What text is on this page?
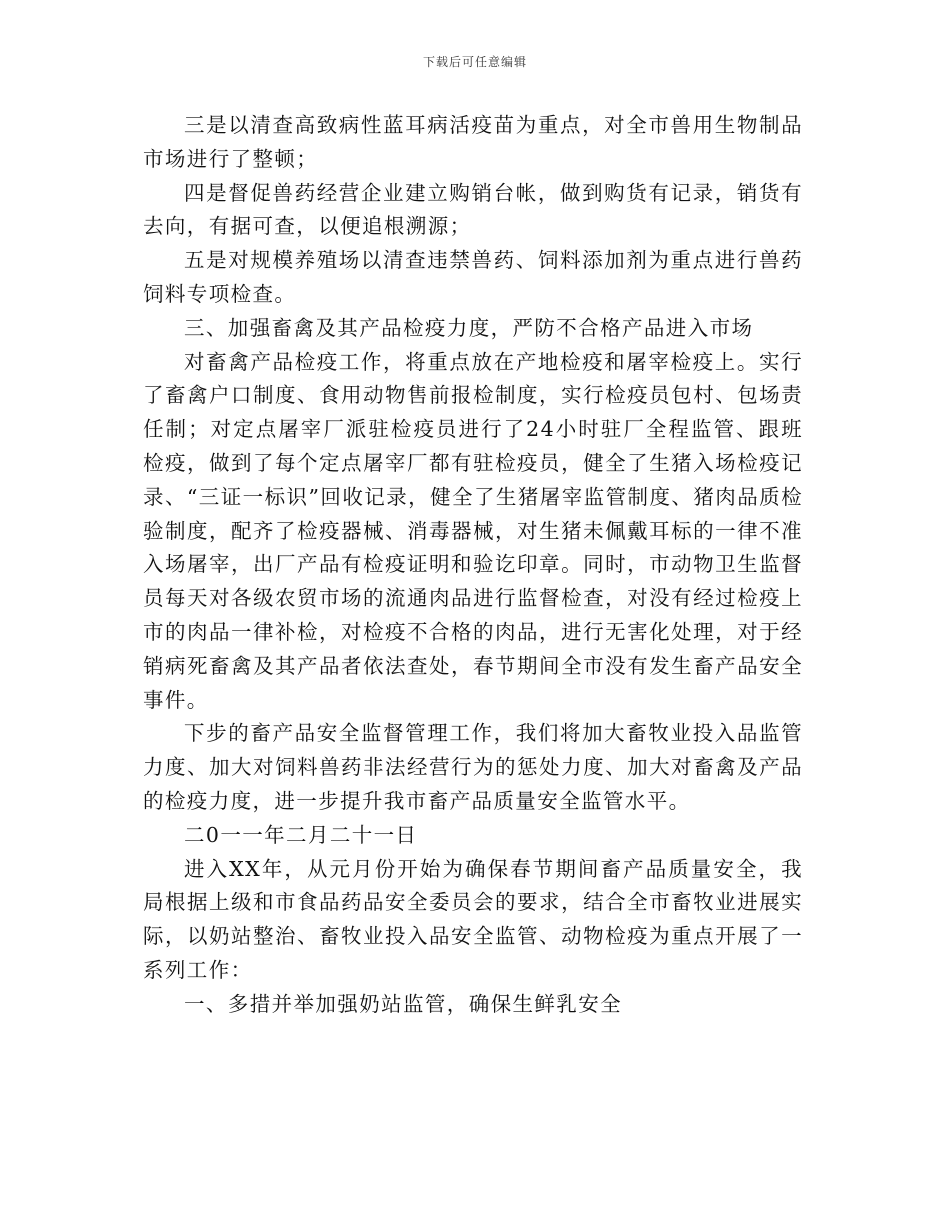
下载后可任意编辑

三是以清查高致病性蓝耳病活疫苗为重点，对全市兽用生物制品市场进行了整顿；

四是督促兽药经营企业建立购销台帐，做到购货有记录，销货有去向，有据可查，以便追根溯源；

五是对规模养殖场以清查违禁兽药、饲料添加剂为重点进行兽药饲料专项检查。

三、加强畜禽及其产品检疫力度，严防不合格产品进入市场

对畜禽产品检疫工作，将重点放在产地检疫和屠宰检疫上。实行了畜禽户口制度、食用动物售前报检制度，实行检疫员包村、包场责任制；对定点屠宰厂派驻检疫员进行了24小时驻厂全程监管、跟班检疫，做到了每个定点屠宰厂都有驻检疫员，健全了生猪入场检疫记录、“三证一标识”回收记录，健全了生猪屠宰监管制度、猪肉品质检验制度，配齐了检疫器械、消毒器械，对生猪未佩戴耳标的一律不准入场屠宰，出厂产品有检疫证明和验讫印章。同时，市动物卫生监督员每天对各级农贸市场的流通肉品进行监督检查，对没有经过检疫上市的肉品一律补检，对检疫不合格的肉品，进行无害化处理，对于经销病死畜禽及其产品者依法查处，春节期间全市没有发生畜产品安全事件。

下步的畜产品安全监督管理工作，我们将加大畜牧业投入品监管力度、加大对饲料兽药非法经营行为的惩处力度、加大对畜禽及产品的检疫力度，进一步提升我市畜产品质量安全监管水平。

二0一一年二月二十一日

进入XX年，从元月份开始为确保春节期间畜产品质量安全，我局根据上级和市食品药品安全委员会的要求，结合全市畜牧业进展实际，以奶站整治、畜牧业投入品安全监管、动物检疫为重点开展了一系列工作：

一、多措并举加强奶站监管，确保生鲜乳安全
